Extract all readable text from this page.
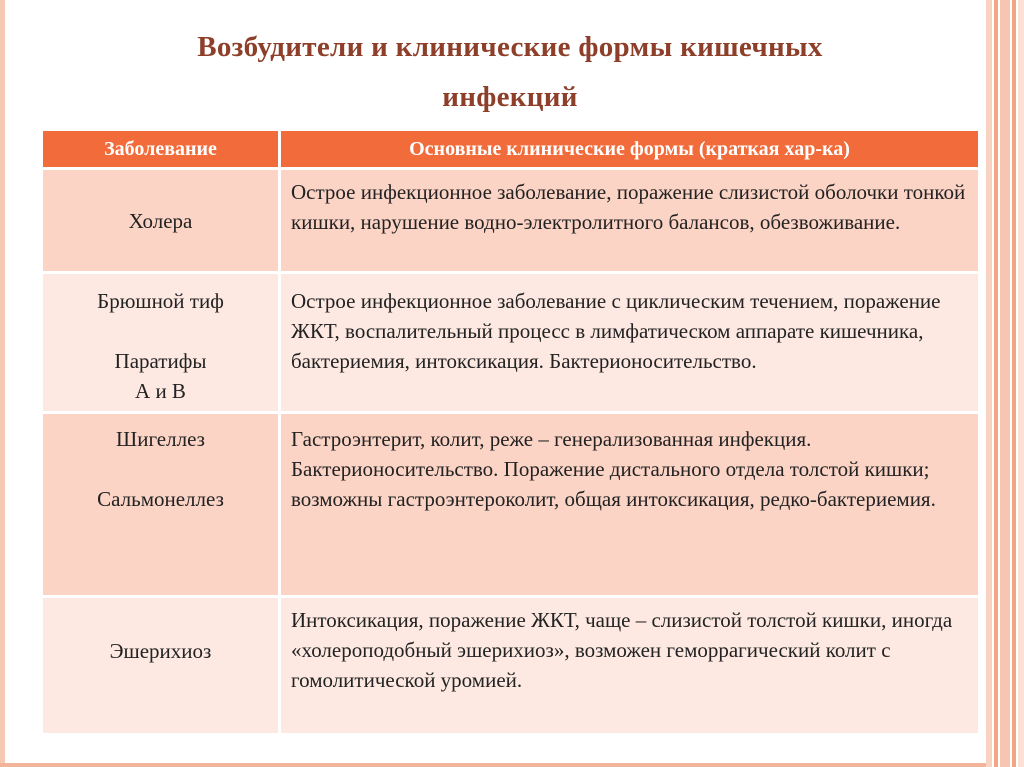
Возбудители и клинические формы кишечных
инфекций
Заболевание	Основные клинические формы (краткая хар-ка)

Холера	Острое инфекционное заболевание, поражение слизистой оболочки тонкой кишки, нарушение водно-электролитного балансов, обезвоживание.

Брюшной тиф
Паратифы
А и В	Острое инфекционное заболевание с циклическим течением, поражение ЖКТ, воспалительный процесс в лимфатическом аппарате кишечника, бактериемия, интоксикация. Бактерионосительство.

Шигеллез
Сальмонеллез	Гастроэнтерит, колит, реже – генерализованная инфекция. Бактерионосительство. Поражение дистального отдела толстой кишки; возможны гастроэнтероколит, общая интоксикация, редко-бактериемия.

Эшерихиоз	Интоксикация, поражение ЖКТ, чаще – слизистой толстой кишки, иногда «холероподобный эшерихиоз», возможен геморрагический колит с гомолитической уромией.
